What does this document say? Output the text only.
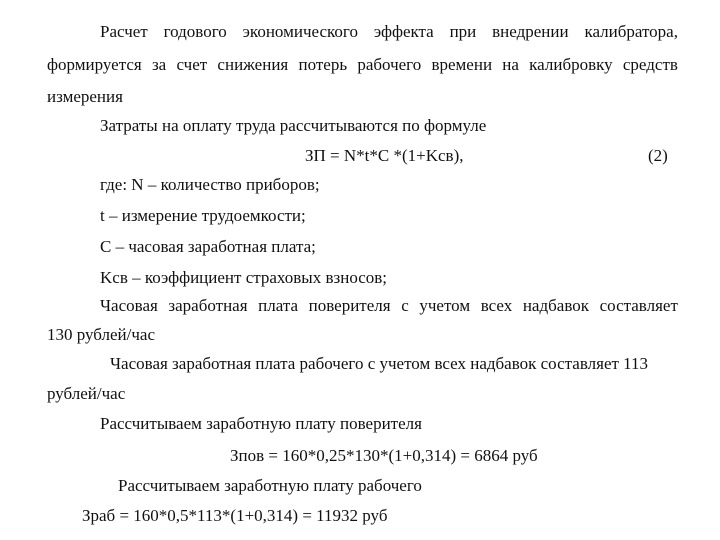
Расчет годового экономического эффекта при внедрении калибратора,
формируется за счет снижения потерь рабочего времени на калибровку средств
измерения
Затраты на оплату труда рассчитываются по формуле
ЗП = N*t*C *(1+Kсв),	(2)
где: N – количество приборов;
t – измерение трудоемкости;
С – часовая заработная плата;
Kсв – коэффициент страховых взносов;
Часовая заработная плата поверителя с учетом всех надбавок составляет
130 рублей/час
Часовая заработная плата рабочего с учетом всех надбавок составляет 113
рублей/час
Рассчитываем заработную плату поверителя
Зпов = 160*0,25*130*(1+0,314) = 6864 руб
Рассчитываем заработную плату рабочего
Зраб = 160*0,5*113*(1+0,314) = 11932 руб
